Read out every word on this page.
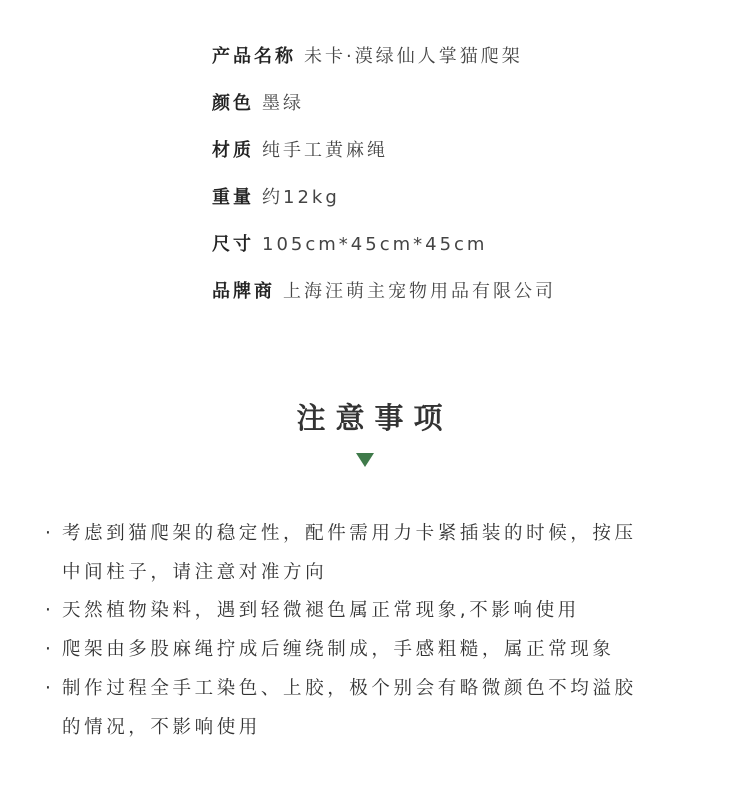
产品名称 未卡·漠绿仙人掌猫爬架
颜色 墨绿
材质 纯手工黄麻绳
重量 约12kg
尺寸 105cm*45cm*45cm
品牌商 上海汪萌主宠物用品有限公司
注意事项
· 考虑到猫爬架的稳定性，配件需用力卡紧插装的时候，按压
中间柱子，请注意对准方向
· 天然植物染料，遇到轻微褪色属正常现象,不影响使用
· 爬架由多股麻绳拧成后缠绕制成，手感粗糙，属正常现象
· 制作过程全手工染色、上胶，极个别会有略微颜色不均溢胶
的情况，不影响使用
